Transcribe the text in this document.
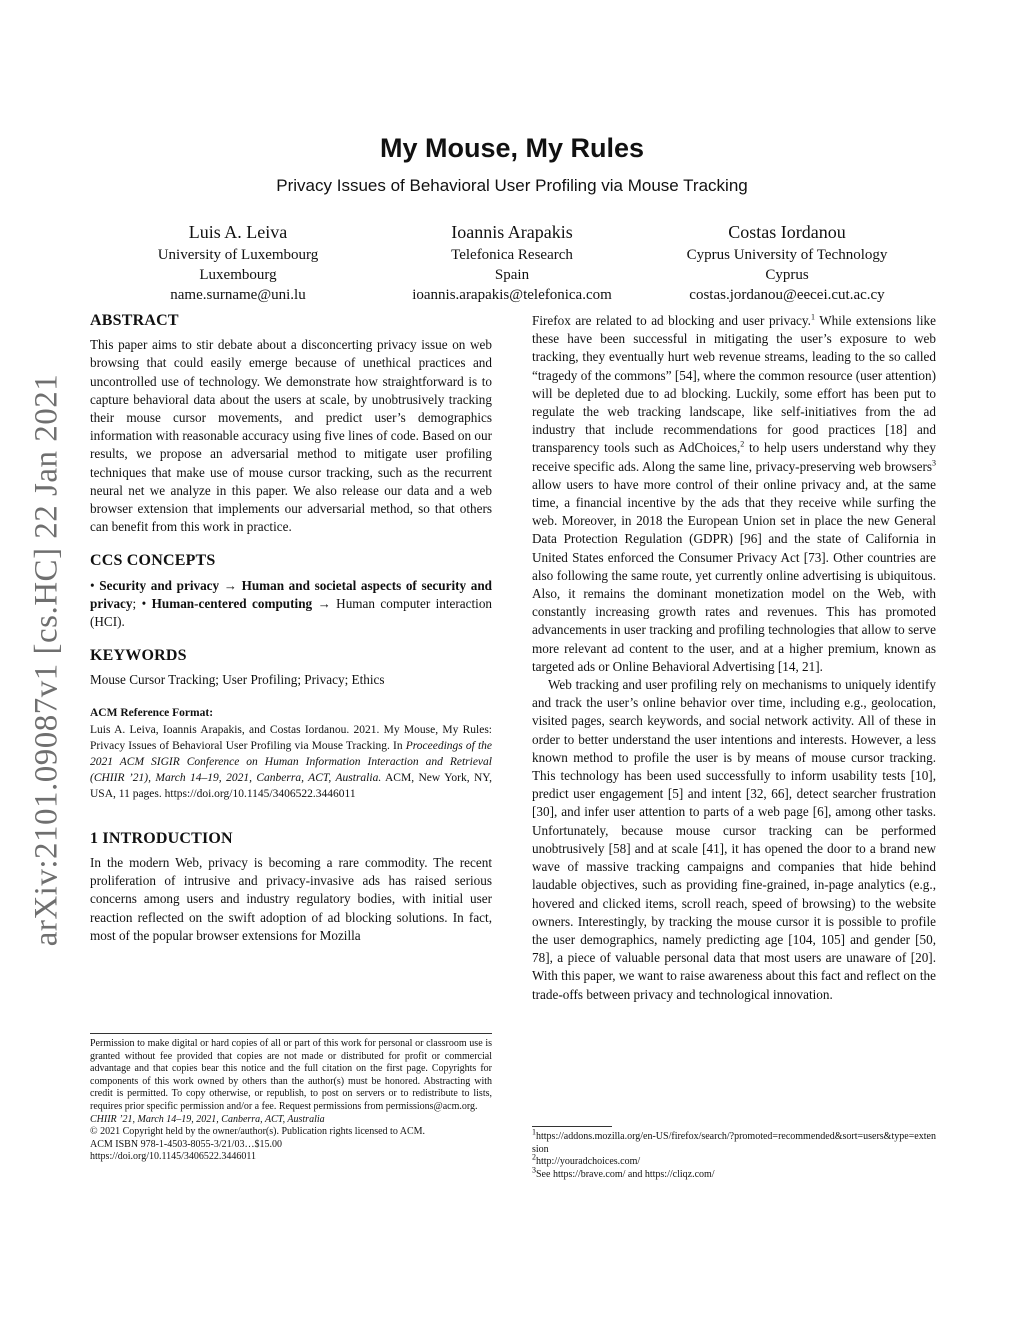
arXiv:2101.09087v1 [cs.HC] 22 Jan 2021
My Mouse, My Rules
Privacy Issues of Behavioral User Profiling via Mouse Tracking
Luis A. Leiva
University of Luxembourg
Luxembourg
name.surname@uni.lu
Ioannis Arapakis
Telefonica Research
Spain
ioannis.arapakis@telefonica.com
Costas Iordanou
Cyprus University of Technology
Cyprus
costas.jordanou@eecei.cut.ac.cy
ABSTRACT

This paper aims to stir debate about a disconcerting privacy issue on web browsing that could easily emerge because of unethical practices and uncontrolled use of technology. We demonstrate how straightforward is to capture behavioral data about the users at scale, by unobtrusively tracking their mouse cursor movements, and predict user’s demographics information with reasonable accuracy using five lines of code. Based on our results, we propose an adversarial method to mitigate user profiling techniques that make use of mouse cursor tracking, such as the recurrent neural net we analyze in this paper. We also release our data and a web browser extension that implements our adversarial method, so that others can benefit from this work in practice.

CCS CONCEPTS

• Security and privacy → Human and societal aspects of security and privacy; • Human-centered computing → Human computer interaction (HCI).

KEYWORDS

Mouse Cursor Tracking; User Profiling; Privacy; Ethics

ACM Reference Format:

Luis A. Leiva, Ioannis Arapakis, and Costas Iordanou. 2021. My Mouse, My Rules: Privacy Issues of Behavioral User Profiling via Mouse Tracking. In Proceedings of the 2021 ACM SIGIR Conference on Human Information Interaction and Retrieval (CHIIR ’21), March 14–19, 2021, Canberra, ACT, Australia. ACM, New York, NY, USA, 11 pages. https://doi.org/10.1145/3406522.3446011

1 INTRODUCTION

In the modern Web, privacy is becoming a rare commodity. The recent proliferation of intrusive and privacy-invasive ads has raised serious concerns among users and industry regulatory bodies, with initial user reaction reflected on the swift adoption of ad blocking solutions. In fact, most of the popular browser extensions for Mozilla

Firefox are related to ad blocking and user privacy.$^1$ While extensions like these have been successful in mitigating the user’s exposure to web tracking, they eventually hurt web revenue streams, leading to the so called “tragedy of the commons” [54], where the common resource (user attention) will be depleted due to ad blocking. Luckily, some effort has been put to regulate the web tracking landscape, like self-initiatives from the ad industry that include recommendations for good practices [18] and transparency tools such as AdChoices,$^2$ to help users understand why they receive specific ads. Along the same line, privacy-preserving web browsers$^3$ allow users to have more control of their online privacy and, at the same time, a financial incentive by the ads that they receive while surfing the web. Moreover, in 2018 the European Union set in place the new General Data Protection Regulation (GDPR) [96] and the state of California in United States enforced the Consumer Privacy Act [73]. Other countries are also following the same route, yet currently online advertising is ubiquitous. Also, it remains the dominant monetization model on the Web, with constantly increasing growth rates and revenues. This has promoted advancements in user tracking and profiling technologies that allow to serve more relevant ad content to the user, and at a higher premium, known as targeted ads or Online Behavioral Advertising [14, 21].

Web tracking and user profiling rely on mechanisms to uniquely identify and track the user’s online behavior over time, including e.g., geolocation, visited pages, search keywords, and social network activity. All of these in order to better understand the user intentions and interests. However, a less known method to profile the user is by means of mouse cursor tracking. This technology has been used successfully to inform usability tests [10], predict user engagement [5] and intent [32, 66], detect searcher frustration [30], and infer user attention to parts of a web page [6], among other tasks. Unfortunately, because mouse cursor tracking can be performed unobtrusively [58] and at scale [41], it has opened the door to a brand new wave of massive tracking campaigns and companies that hide behind laudable objectives, such as providing fine-grained, in-page analytics (e.g., hovered and clicked items, scroll reach, speed of browsing) to the website owners. Interestingly, by tracking the mouse cursor it is possible to profile the user demographics, namely predicting age [104, 105] and gender [50, 78], a piece of valuable personal data that most users are unaware of [20]. With this paper, we want to raise awareness about this fact and reflect on the trade-offs between privacy and technological innovation.

Permission to make digital or hard copies of all or part of this work for personal or classroom use is granted without fee provided that copies are not made or distributed for profit or commercial advantage and that copies bear this notice and the full citation on the first page. Copyrights for components of this work owned by others than the author(s) must be honored. Abstracting with credit is permitted. To copy otherwise, or republish, to post on servers or to redistribute to lists, requires prior specific permission and/or a fee. Request permissions from permissions@acm.org.

CHIIR ’21, March 14–19, 2021, Canberra, ACT, Australia
© 2021 Copyright held by the owner/author(s). Publication rights licensed to ACM.
ACM ISBN 978-1-4503-8055-3/21/03…$15.00
https://doi.org/10.1145/3406522.3446011
$^1$https://addons.mozilla.org/en-US/firefox/search/?promoted=recommended&sort=users&type=extension
$^2$http://youradchoices.com/
$^3$See https://brave.com/ and https://cliqz.com/
